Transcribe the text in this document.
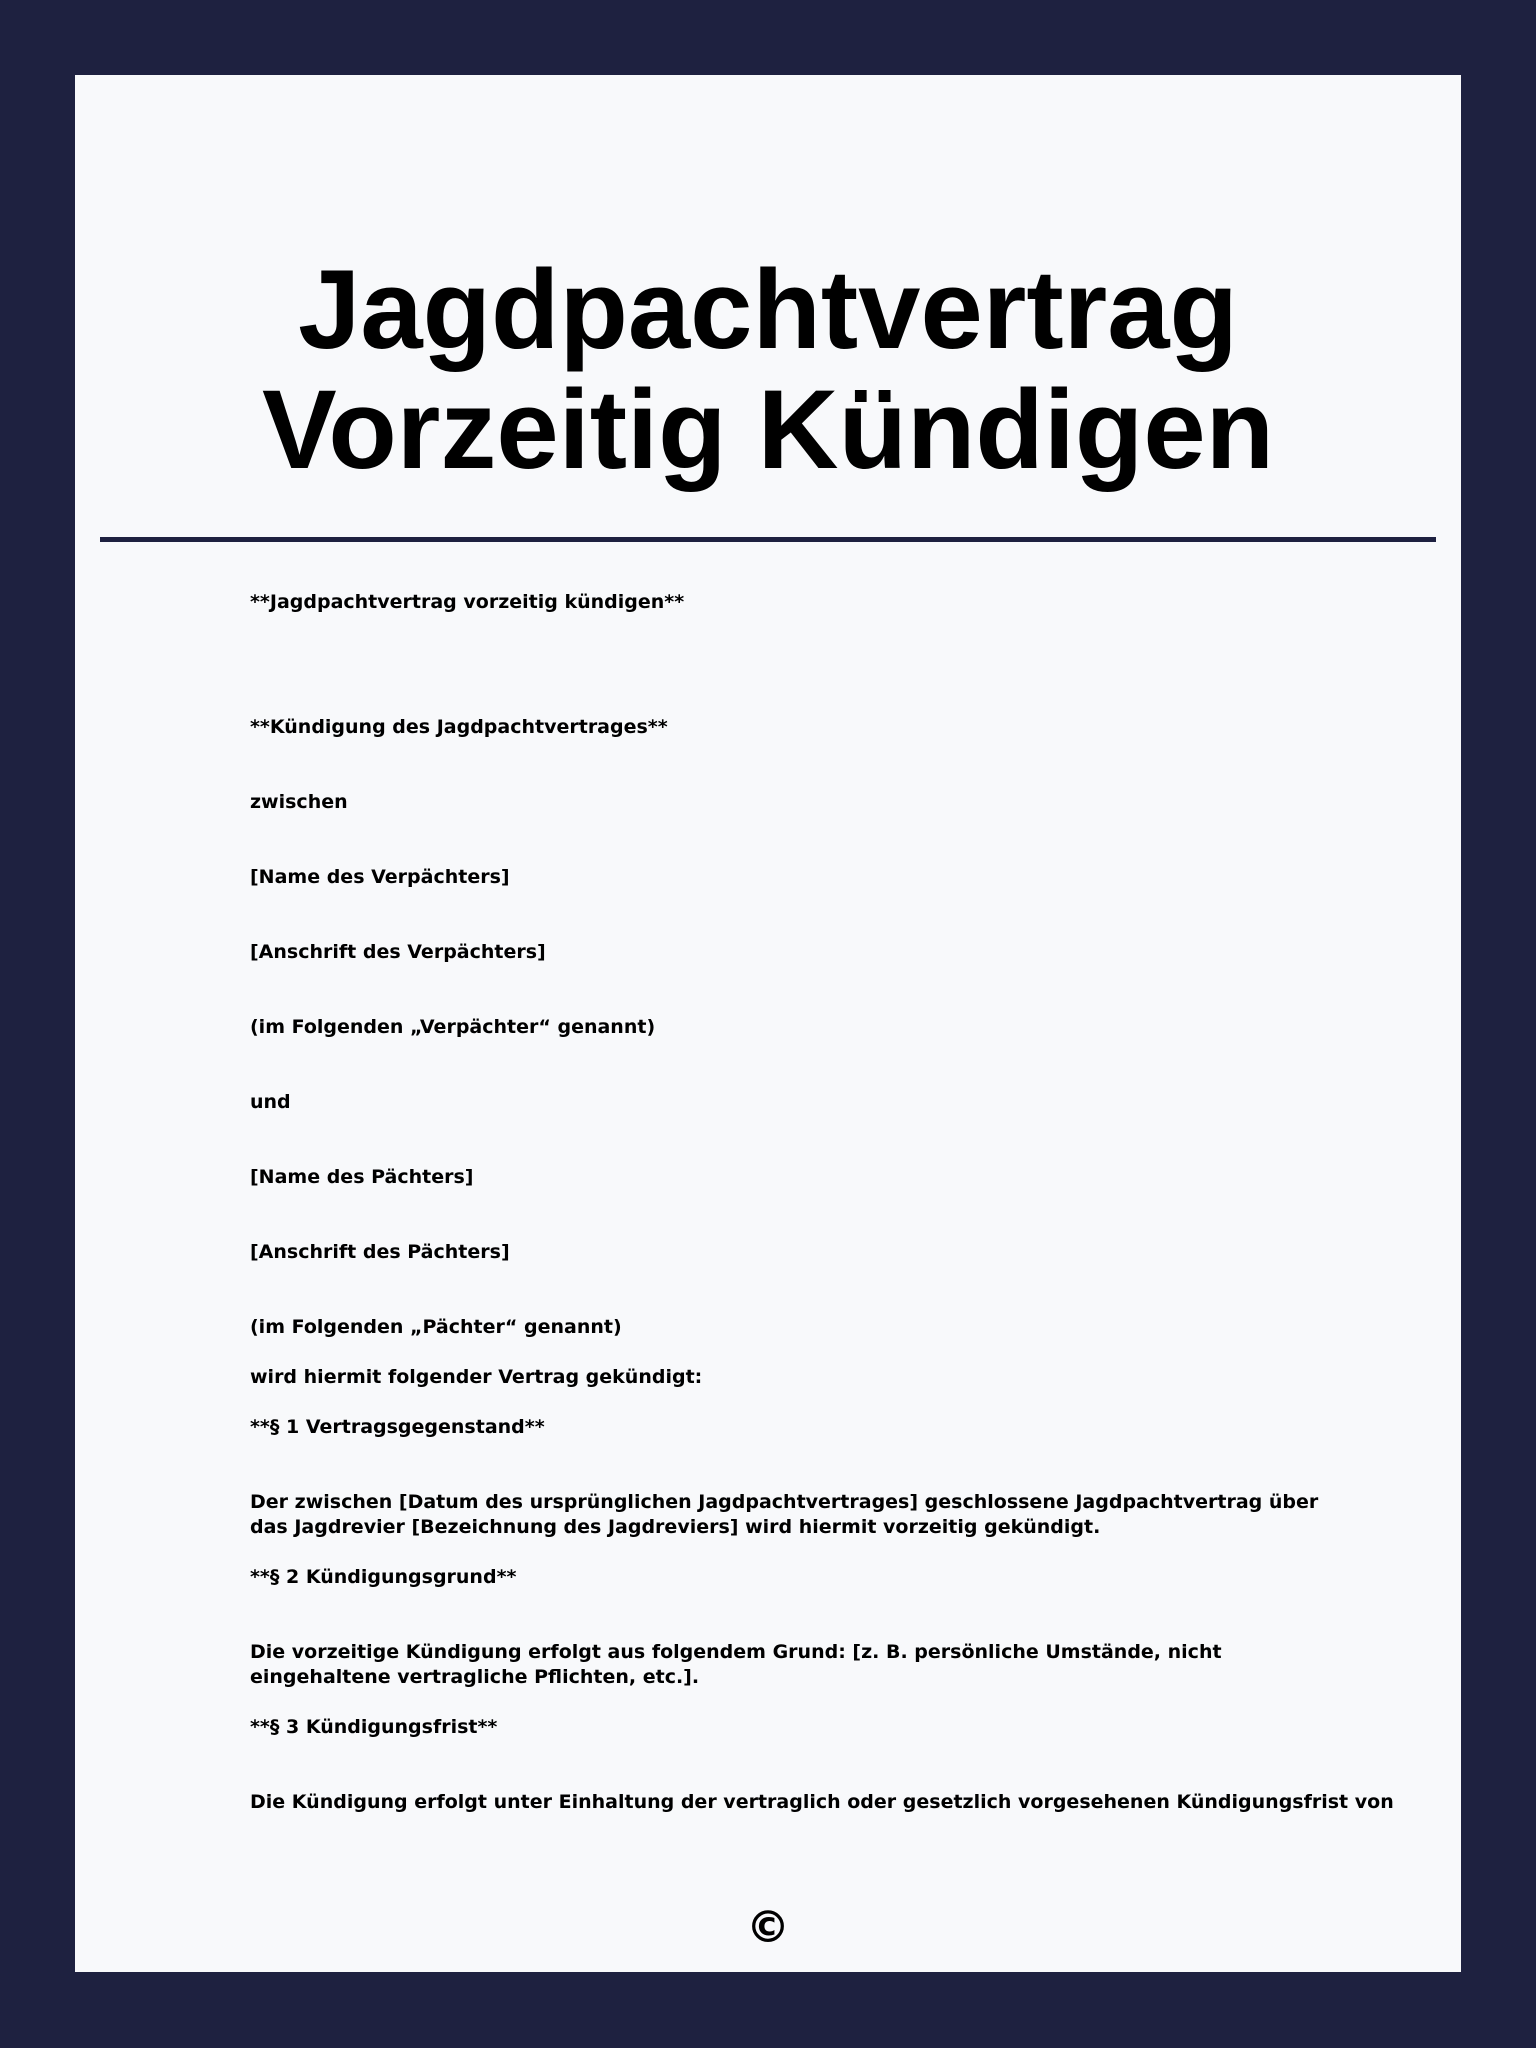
Jagdpachtvertrag Vorzeitig Kündigen

**Jagdpachtvertrag vorzeitig kündigen**

**Kündigung des Jagdpachtvertrages**

zwischen

[Name des Verpächters]

[Anschrift des Verpächters]

(im Folgenden „Verpächter“ genannt)

und

[Name des Pächters]

[Anschrift des Pächters]

(im Folgenden „Pächter“ genannt)

wird hiermit folgender Vertrag gekündigt:

**§ 1 Vertragsgegenstand**

Der zwischen [Datum des ursprünglichen Jagdpachtvertrages] geschlossene Jagdpachtvertrag über das Jagdrevier [Bezeichnung des Jagdreviers] wird hiermit vorzeitig gekündigt.

**§ 2 Kündigungsgrund**

Die vorzeitige Kündigung erfolgt aus folgendem Grund: [z. B. persönliche Umstände, nicht eingehaltene vertragliche Pflichten, etc.].

**§ 3 Kündigungsfrist**

Die Kündigung erfolgt unter Einhaltung der vertraglich oder gesetzlich vorgesehenen Kündigungsfrist von

©
